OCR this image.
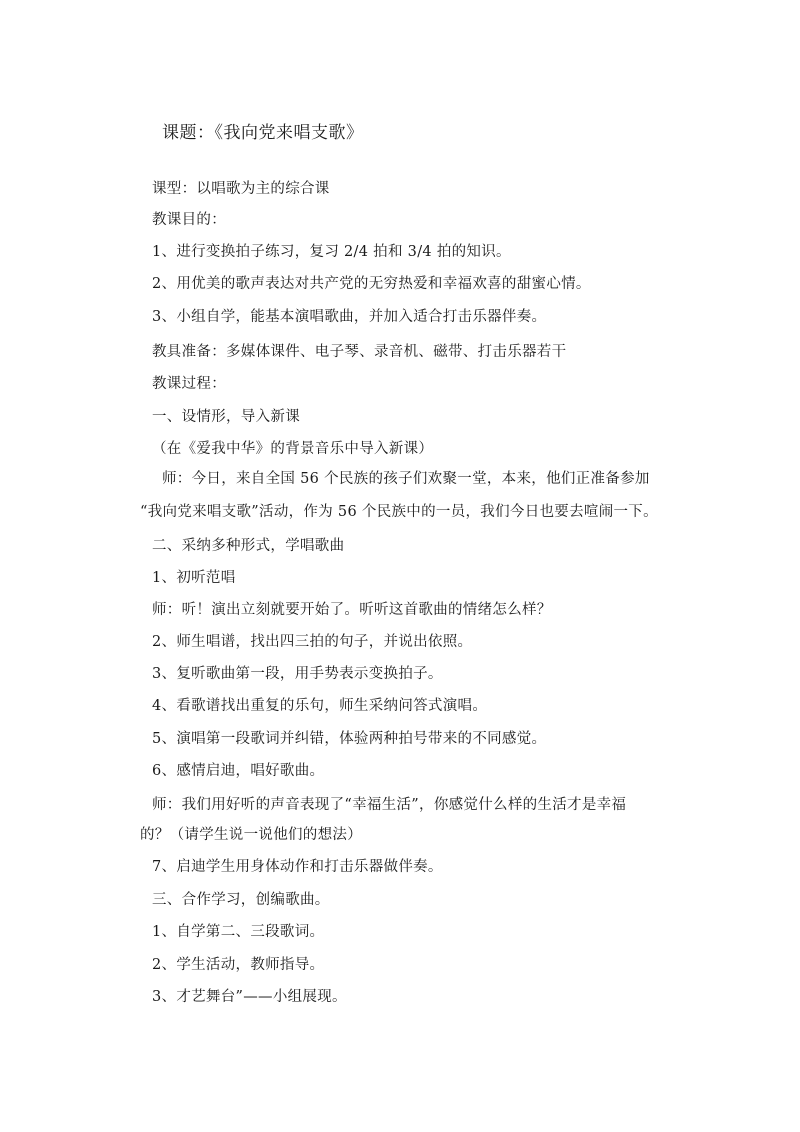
课题：《我向党来唱支歌》
课型：以唱歌为主的综合课
教课目的：
1、进行变换拍子练习，复习 2/4 拍和 3/4 拍的知识。
2、用优美的歌声表达对共产党的无穷热爱和幸福欢喜的甜蜜心情。
3、小组自学，能基本演唱歌曲，并加入适合打击乐器伴奏。
教具准备：多媒体课件、电子琴、录音机、磁带、打击乐器若干
教课过程：
一、设情形，导入新课
（在《爱我中华》的背景音乐中导入新课）
师：今日，来自全国 56 个民族的孩子们欢聚一堂，本来，他们正准备参加
“我向党来唱支歌”活动，作为 56 个民族中的一员，我们今日也要去喧闹一下。
二、采纳多种形式，学唱歌曲
1、初听范唱
师：听！演出立刻就要开始了。听听这首歌曲的情绪怎么样？
2、师生唱谱，找出四三拍的句子，并说出依照。
3、复听歌曲第一段，用手势表示变换拍子。
4、看歌谱找出重复的乐句，师生采纳问答式演唱。
5、演唱第一段歌词并纠错，体验两种拍号带来的不同感觉。
6、感情启迪，唱好歌曲。
师：我们用好听的声音表现了“幸福生活”，你感觉什么样的生活才是幸福
的？（请学生说一说他们的想法）
7、启迪学生用身体动作和打击乐器做伴奏。
三、合作学习，创编歌曲。
1、自学第二、三段歌词。
2、学生活动，教师指导。
3、才艺舞台”——小组展现。
